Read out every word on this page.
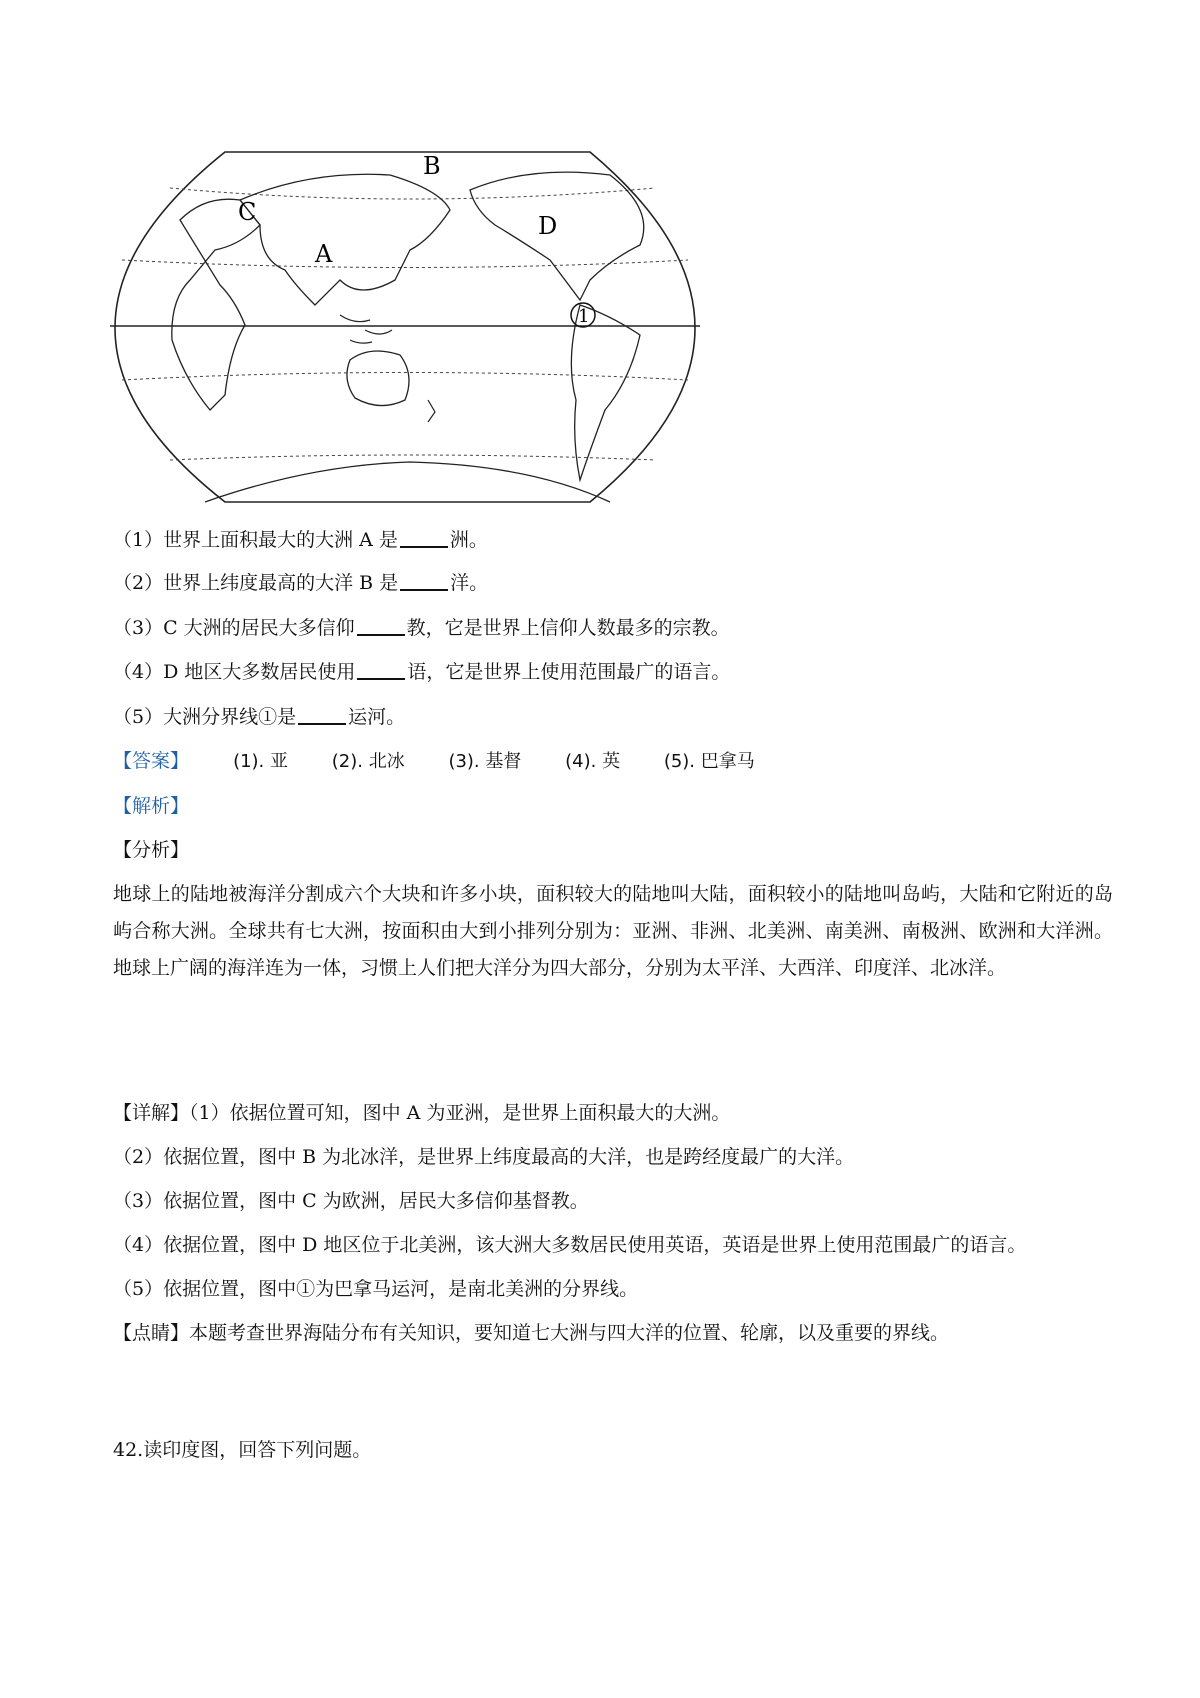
A
B
C	D
1
（1）世界上面积最大的大洲 A 是	洲。
（2）世界上纬度最高的大洋 B 是	洋。
（3）C 大洲的居民大多信仰	教，它是世界上信仰人数最多的宗教。
（4）D 地区大多数居民使用	语，它是世界上使用范围最广的语言。
（5）大洲分界线①是	运河。
【答案】 (1). 亚 (2). 北冰 (3). 基督 (4). 英 (5). 巴拿马
【解析】
【分析】
地球上的陆地被海洋分割成六个大块和许多小块，面积较大的陆地叫大陆，面积较小的陆地叫岛屿，大陆和它附近的岛屿合称大洲。全球共有七大洲，按面积由大到小排列分别为：亚洲、非洲、北美洲、南美洲、南极洲、欧洲和大洋洲。地球上广阔的海洋连为一体，习惯上人们把大洋分为四大部分，分别为太平洋、大西洋、印度洋、北冰洋。
【详解】（1）依据位置可知，图中 A 为亚洲，是世界上面积最大的大洲。
（2）依据位置，图中 B 为北冰洋，是世界上纬度最高的大洋，也是跨经度最广的大洋。
（3）依据位置，图中 C 为欧洲，居民大多信仰基督教。
（4）依据位置，图中 D 地区位于北美洲，该大洲大多数居民使用英语，英语是世界上使用范围最广的语言。
（5）依据位置，图中①为巴拿马运河，是南北美洲的分界线。
【点睛】本题考查世界海陆分布有关知识，要知道七大洲与四大洋的位置、轮廓，以及重要的界线。
42.读印度图，回答下列问题。
